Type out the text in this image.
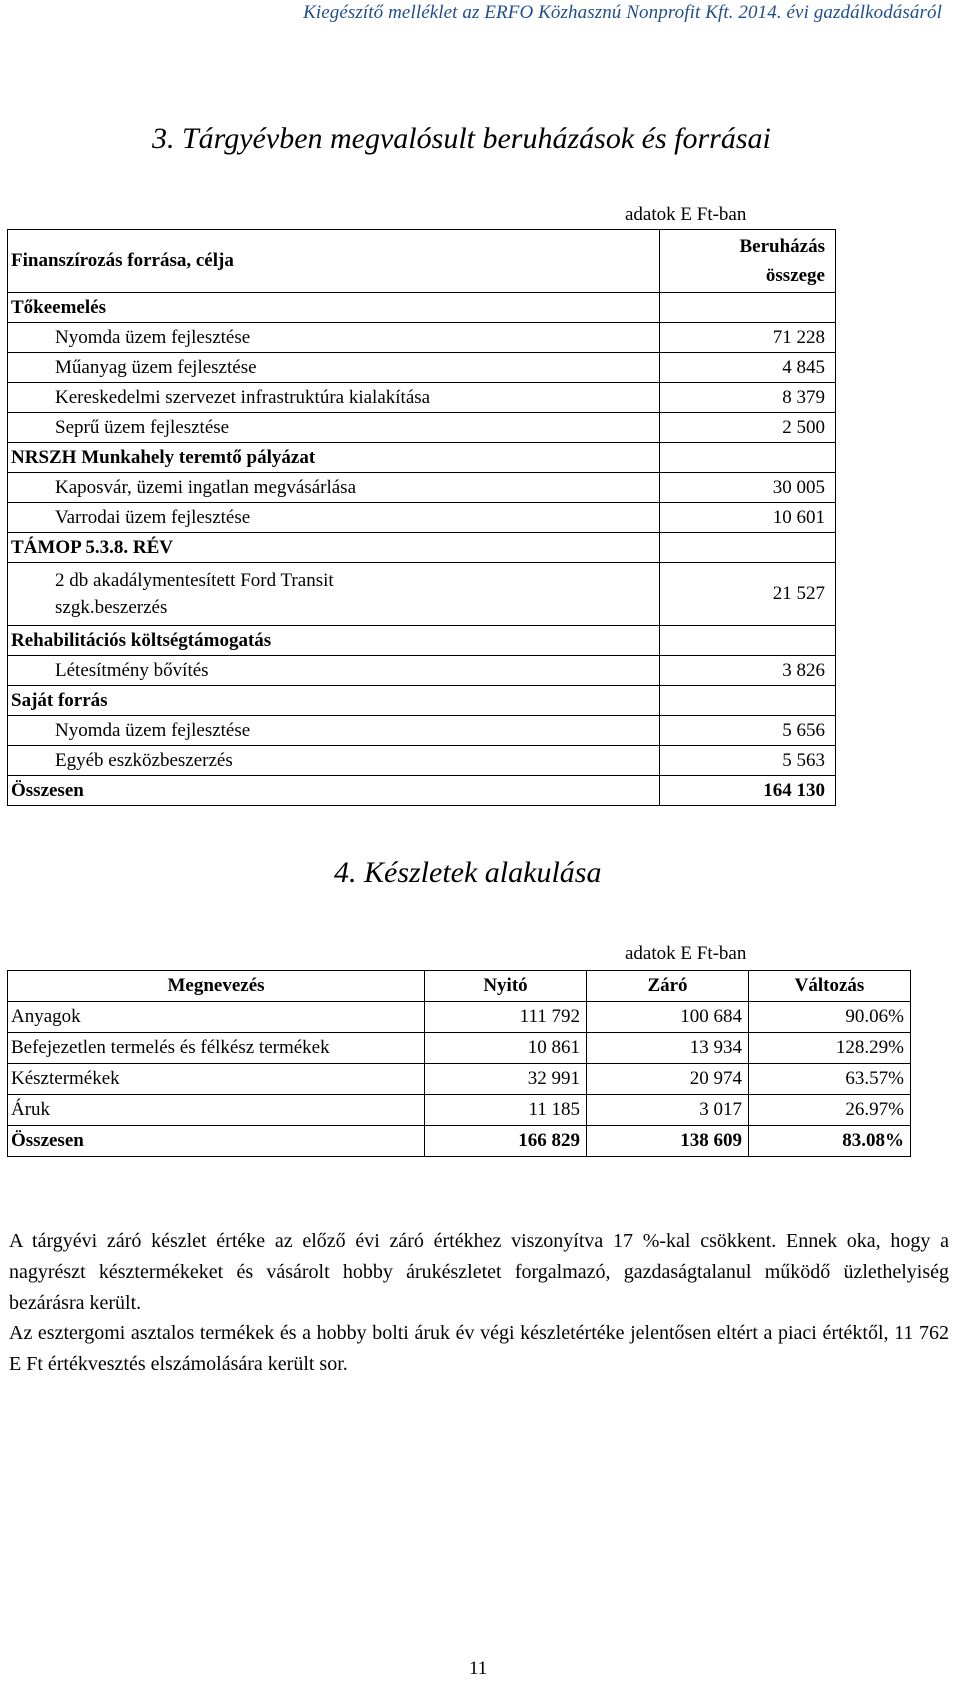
Kiegészítő melléklet az ERFO Közhasznú Nonprofit Kft. 2014. évi gazdálkodásáról
3. Tárgyévben megvalósult beruházások és forrásai
adatok E Ft-ban
Finanszírozás forrása, célja	Beruházás
összege

Tőkeemelés	
Nyomda üzem fejlesztése	71 228
Műanyag üzem fejlesztése	4 845
Kereskedelmi szervezet infrastruktúra kialakítása	8 379
Seprű üzem fejlesztése	2 500
NRSZH Munkahely teremtő pályázat	
Kaposvár, üzemi ingatlan megvásárlása	30 005
Varrodai üzem fejlesztése	10 601
TÁMOP 5.3.8. RÉV	

2 db akadálymentesített Ford Transit
szgk.beszerzés	21 527
Rehabilitációs költségtámogatás	
Létesítmény bővítés	3 826
Saját forrás	
Nyomda üzem fejlesztése	5 656
Egyéb eszközbeszerzés	5 563
Összesen	164 130
4. Készletek alakulása
adatok E Ft-ban
Megnevezés	Nyitó	Záró	Változás
Anyagok	111 792	100 684	90.06%
Befejezetlen termelés és félkész termékek	10 861	13 934	128.29%
Késztermékek	32 991	20 974	63.57%
Áruk	11 185	3 017	26.97%
Összesen	166 829	138 609	83.08%

A tárgyévi záró készlet értéke az előző évi záró értékhez viszonyítva 17 %-kal csökkent. Ennek oka, hogy a nagyrészt késztermékeket és vásárolt hobby árukészletet forgalmazó, gazdaságtalanul működő üzlethelyiség bezárásra került.

Az esztergomi asztalos termékek és a hobby bolti áruk év végi készletértéke jelentősen eltért a piaci értéktől, 11 762 E Ft értékvesztés elszámolására került sor.

11
